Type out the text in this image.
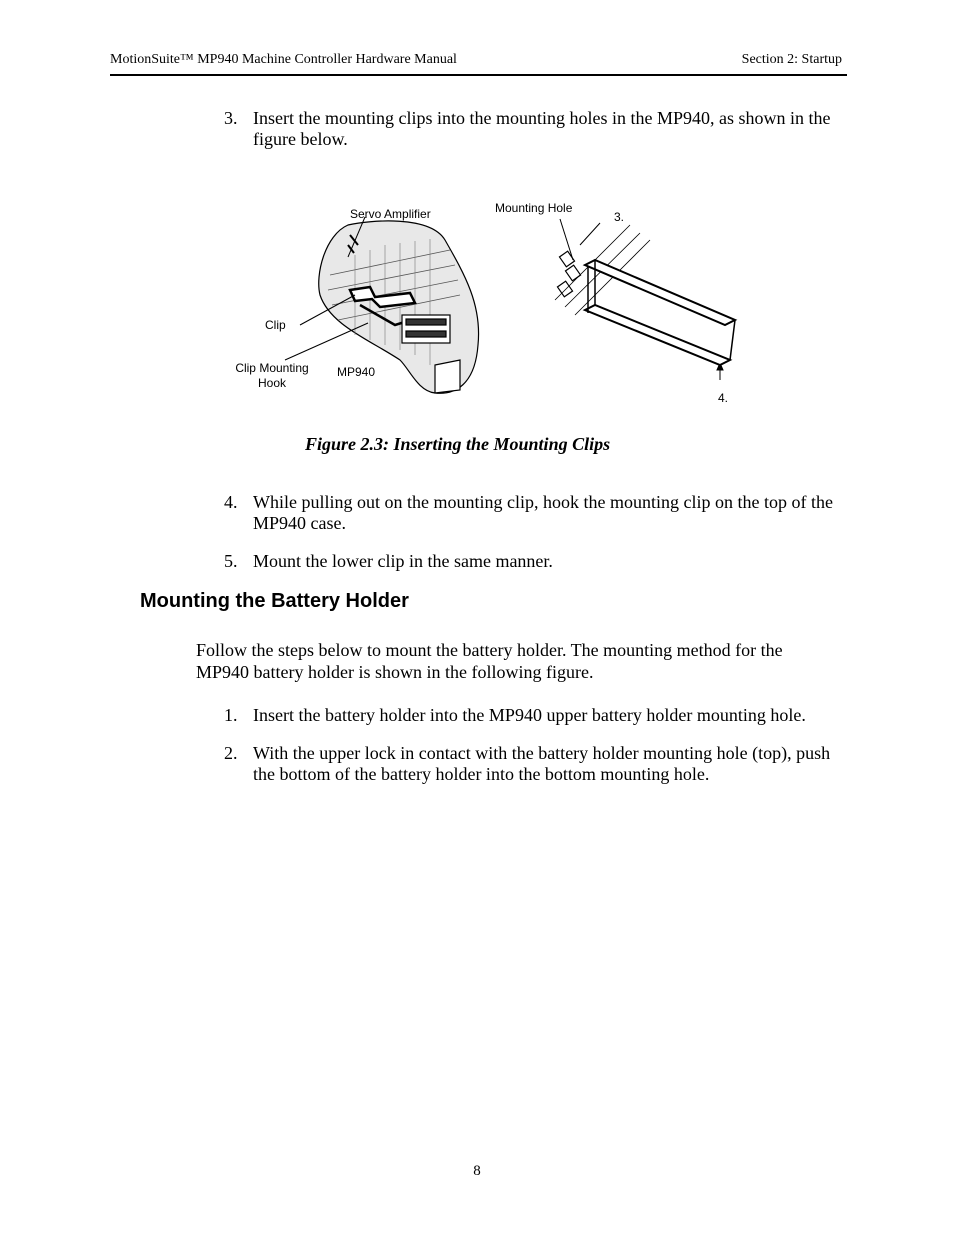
MotionSuite™ MP940 Machine Controller Hardware Manual	Section 2: Startup
3. Insert the mounting clips into the mounting holes in the MP940, as shown in the figure below.
Servo Amplifier	Mounting Hole
3.
Clip
Clip Mounting Hook
MP940
4.
Figure 2.3: Inserting the Mounting Clips
4. While pulling out on the mounting clip, hook the mounting clip on the top of the MP940 case.
5. Mount the lower clip in the same manner.
Mounting the Battery Holder
Follow the steps below to mount the battery holder. The mounting method for the MP940 battery holder is shown in the following figure.
1. Insert the battery holder into the MP940 upper battery holder mounting hole.
2. With the upper lock in contact with the battery holder mounting hole (top), push the bottom of the battery holder into the bottom mounting hole.
8
